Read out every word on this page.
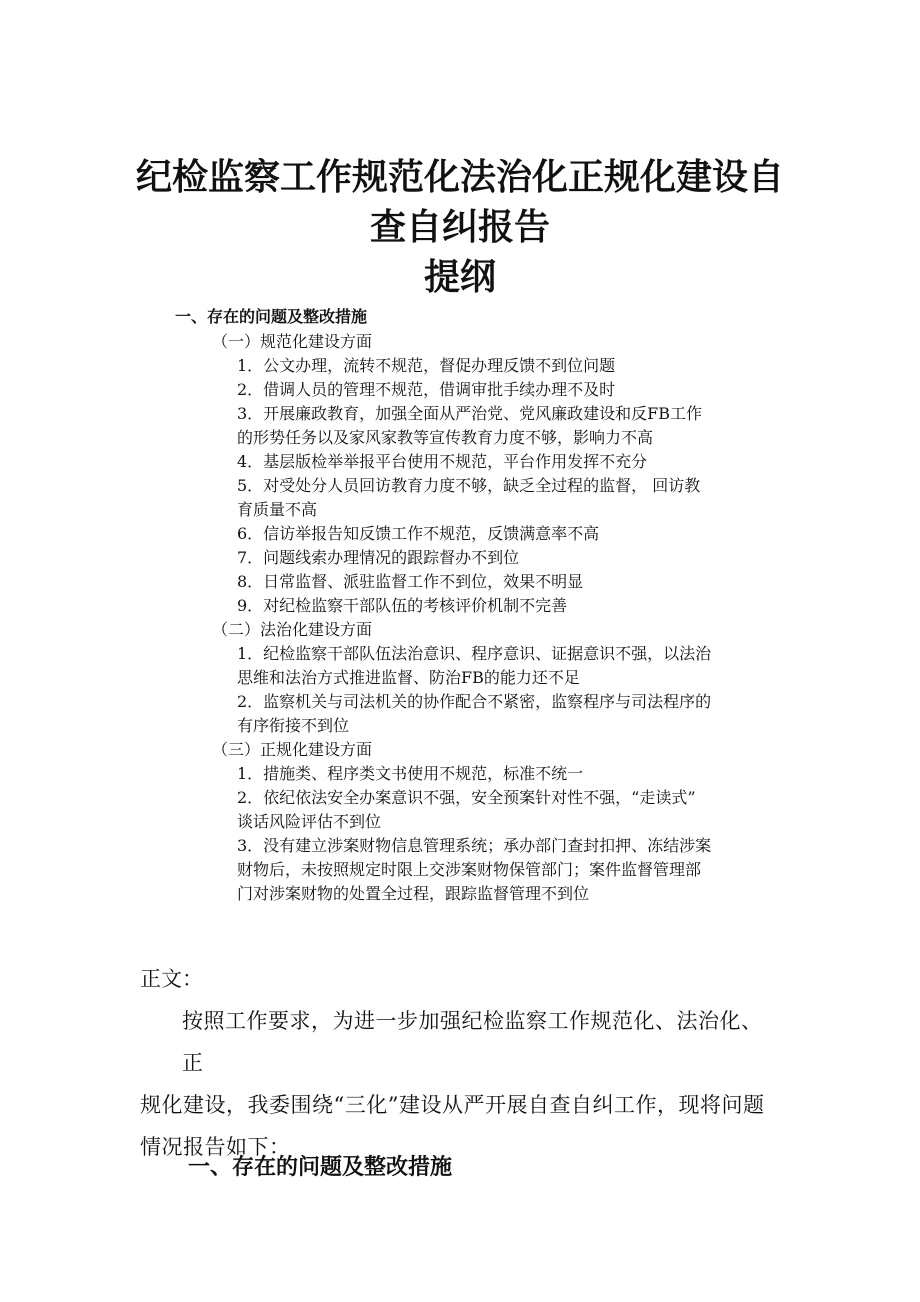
纪检监察工作规范化法治化正规化建设自
查自纠报告
提纲
一、存在的问题及整改措施
（一）规范化建设方面
1．公文办理，流转不规范，督促办理反馈不到位问题
2．借调人员的管理不规范，借调审批手续办理不及时
3．开展廉政教育，加强全面从严治党、党风廉政建设和反FB工作
的形势任务以及家风家教等宣传教育力度不够，影响力不高
4．基层版检举举报平台使用不规范，平台作用发挥不充分
5．对受处分人员回访教育力度不够，缺乏全过程的监督， 回访教
育质量不高
6．信访举报告知反馈工作不规范，反馈满意率不高
7．问题线索办理情况的跟踪督办不到位
8．日常监督、派驻监督工作不到位，效果不明显
9．对纪检监察干部队伍的考核评价机制不完善
（二）法治化建设方面
1．纪检监察干部队伍法治意识、程序意识、证据意识不强，以法治
思维和法治方式推进监督、防治FB的能力还不足
2．监察机关与司法机关的协作配合不紧密，监察程序与司法程序的
有序衔接不到位
（三）正规化建设方面
1．措施类、程序类文书使用不规范，标准不统一
2．依纪依法安全办案意识不强，安全预案针对性不强，“走读式”
谈话风险评估不到位
3．没有建立涉案财物信息管理系统；承办部门查封扣押、冻结涉案
财物后，未按照规定时限上交涉案财物保管部门；案件监督管理部
门对涉案财物的处置全过程，跟踪监督管理不到位
正文：
按照工作要求，为进一步加强纪检监察工作规范化、法治化、正
规化建设，我委围绕“三化”建设从严开展自查自纠工作，现将问题
情况报告如下：
一、存在的问题及整改措施
